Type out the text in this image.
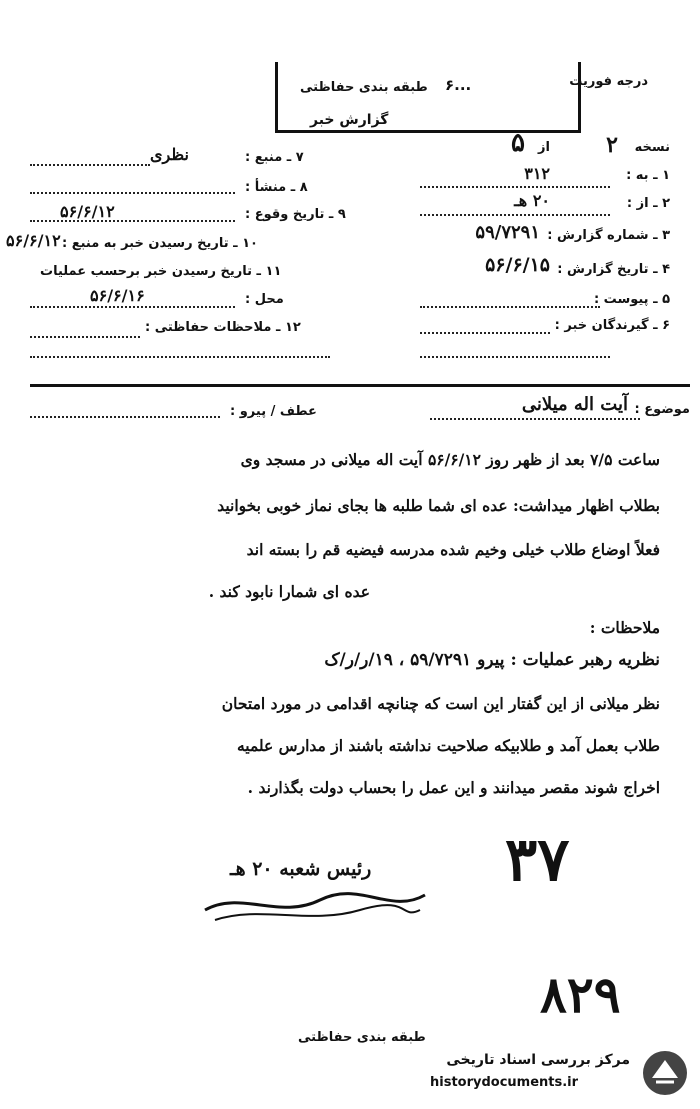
درجه فوریت
طبقه بندی حفاظتی ...۶
گزارش خبر
نسخه
۲
از
۵
۱ ـ به :
۳۱۲
۲ ـ از :
۲۰ هـ
۳ ـ شماره گزارش :
۵۹/۷۲۹۱
۴ ـ تاریخ گزارش :
۵۶/۶/۱۵
۵ ـ پیوست :
۶ ـ گیرندگان خبر :
۷ ـ منبع :
نظری
۸ ـ منشأ :
۹ ـ تاریخ وقوع :
۵۶/۶/۱۲
۱۰ ـ تاریخ رسیدن خبر به منبع :
۵۶/۶/۱۲
۱۱ ـ تاریخ رسیدن خبر برحسب عملیات
محل :
۵۶/۶/۱۶
۱۲ ـ ملاحظات حفاظتی :
موضوع :
آیت اله میلانی
عطف / پیرو :
ساعت ۷/۵ بعد از ظهر روز ۵۶/۶/۱۲ آیت اله میلانی در مسجد وی
بطلاب اظهار میداشت: عده ای شما طلبه ها بجای نماز خوبی بخوانید
فعلاً اوضاع طلاب خیلی وخیم شده مدرسه فیضیه قم را بسته اند
عده ای شمارا نابود کند .
ملاحظات :
نظریه رهبر عملیات : پیرو ۵۹/۷۲۹۱ ، ۱۹/ر/ر/ک
نظر میلانی از این گفتار این است که چنانچه اقدامی در مورد امتحان
طلاب بعمل آمد و طلابیکه صلاحیت نداشته باشند از مدارس علمیه
اخراج شوند مقصر میدانند و این عمل را بحساب دولت بگذارند .
رئیس شعبه ۲۰ هـ ۳۷
۸۲۹
طبقه بندی حفاظتی
مرکز بررسی اسناد تاریخی
historydocuments.ir
